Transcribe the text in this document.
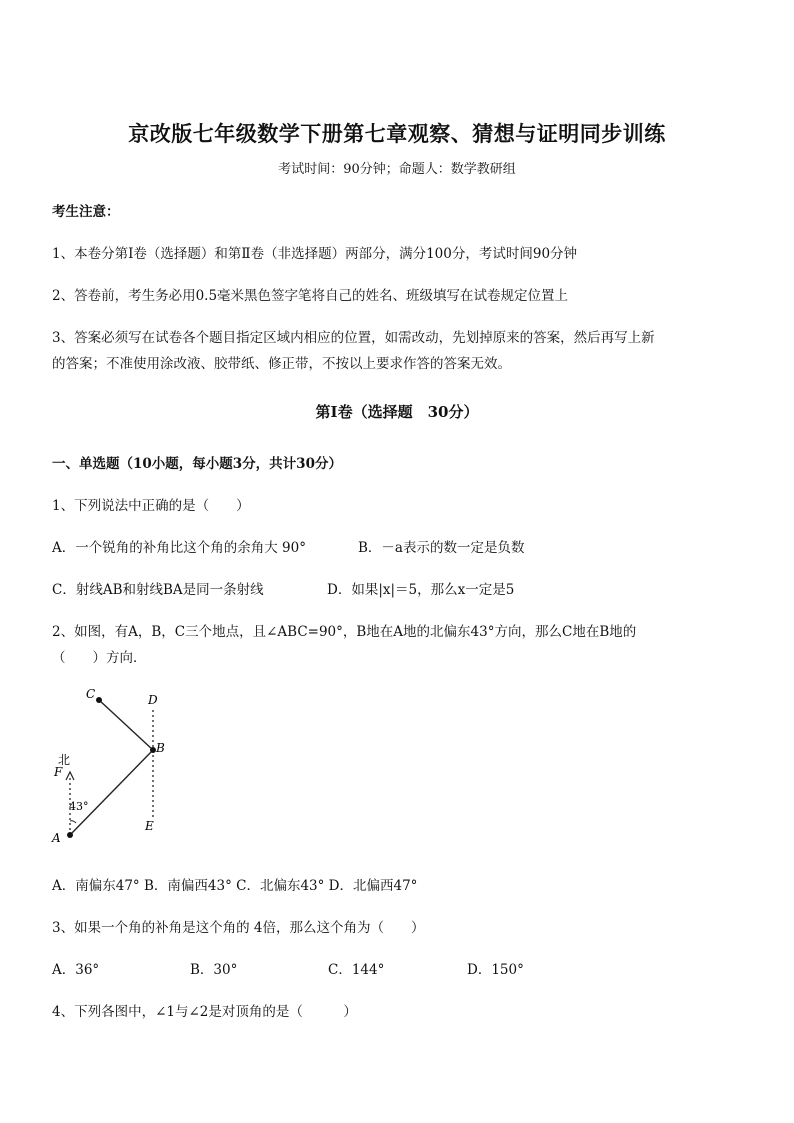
京改版七年级数学下册第七章观察、猜想与证明同步训练
考试时间：90分钟；命题人：数学教研组
考生注意：
1、本卷分第Ⅰ卷（选择题）和第Ⅱ卷（非选择题）两部分，满分100分，考试时间90分钟
2、答卷前，考生务必用0.5毫米黑色签字笔将自己的姓名、班级填写在试卷规定位置上
3、答案必须写在试卷各个题目指定区域内相应的位置，如需改动，先划掉原来的答案，然后再写上新
的答案；不准使用涂改液、胶带纸、修正带，不按以上要求作答的答案无效。
第Ⅰ卷（选择题　30分）
一、单选题（10小题，每小题3分，共计30分）
1、下列说法中正确的是（　　）
A．一个锐角的补角比这个角的余角大 90°	B．－a表示的数一定是负数
C．射线AB和射线BA是同一条射线	D．如果|x|＝5，那么x一定是5
2、如图，有A，B，C三个地点，且∠ABC=90°，B地在A地的北偏东43°方向，那么C地在B地的
（　　）方向．
C	D
B
北
F
43°
A
E
A．南偏东47° B．南偏西43° C．北偏东43° D．北偏西47°
3、如果一个角的补角是这个角的 4倍，那么这个角为（　　）
A．36°	B．30°	C．144°	D．150°
4、下列各图中，∠1与∠2是对顶角的是（　　　）
